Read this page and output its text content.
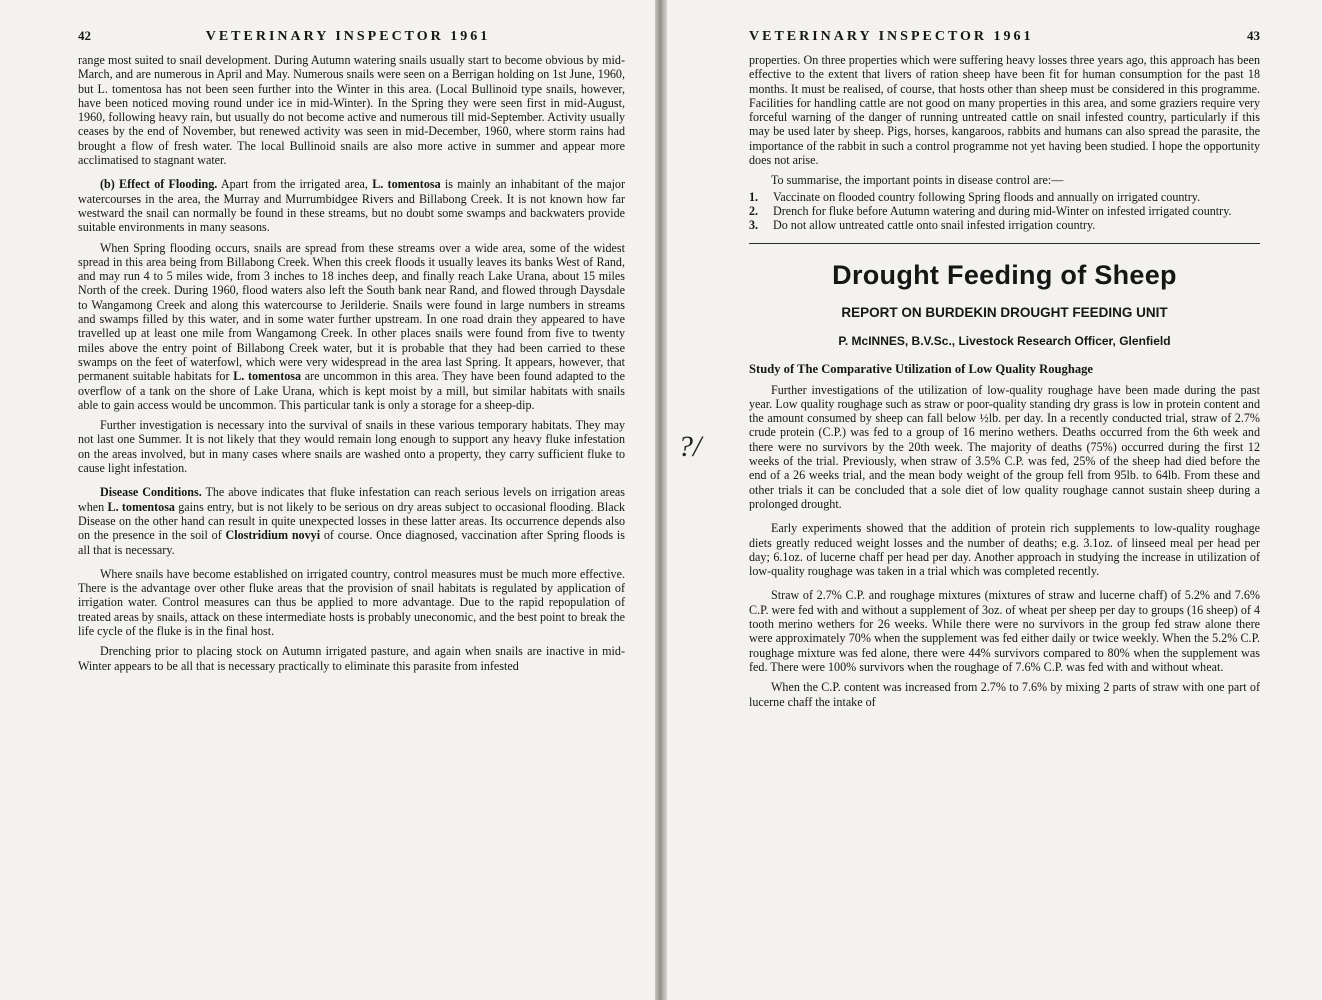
42	VETERINARY INSPECTOR 1961

range most suited to snail development. During Autumn watering snails usually start to become obvious by mid-March, and are numerous in April and May. Numerous snails were seen on a Berrigan holding on 1st June, 1960, but L. tomentosa has not been seen further into the Winter in this area. (Local Bullinoid type snails, however, have been noticed moving round under ice in mid-Winter). In the Spring they were seen first in mid-August, 1960, following heavy rain, but usually do not become active and numerous till mid-September. Activity usually ceases by the end of November, but renewed activity was seen in mid-December, 1960, where storm rains had brought a flow of fresh water. The local Bullinoid snails are also more active in summer and appear more acclimatised to stagnant water.

(b) Effect of Flooding. Apart from the irrigated area, L. tomentosa is mainly an inhabitant of the major watercourses in the area, the Murray and Murrumbidgee Rivers and Billabong Creek. It is not known how far westward the snail can normally be found in these streams, but no doubt some swamps and backwaters provide suitable environments in many seasons.

When Spring flooding occurs, snails are spread from these streams over a wide area, some of the widest spread in this area being from Billabong Creek. When this creek floods it usually leaves its banks West of Rand, and may run 4 to 5 miles wide, from 3 inches to 18 inches deep, and finally reach Lake Urana, about 15 miles North of the creek. During 1960, flood waters also left the South bank near Rand, and flowed through Daysdale to Wangamong Creek and along this watercourse to Jerilderie. Snails were found in large numbers in streams and swamps filled by this water, and in some water further upstream. In one road drain they appeared to have travelled up at least one mile from Wangamong Creek. In other places snails were found from five to twenty miles above the entry point of Billabong Creek water, but it is probable that they had been carried to these swamps on the feet of waterfowl, which were very widespread in the area last Spring. It appears, however, that permanent suitable habitats for L. tomentosa are uncommon in this area. They have been found adapted to the overflow of a tank on the shore of Lake Urana, which is kept moist by a mill, but similar habitats with snails able to gain access would be uncommon. This particular tank is only a storage for a sheep-dip.

Further investigation is necessary into the survival of snails in these various temporary habitats. They may not last one Summer. It is not likely that they would remain long enough to support any heavy fluke infestation on the areas involved, but in many cases where snails are washed onto a property, they carry sufficient fluke to cause light infestation.

Disease Conditions. The above indicates that fluke infestation can reach serious levels on irrigation areas when L. tomentosa gains entry, but is not likely to be serious on dry areas subject to occasional flooding. Black Disease on the other hand can result in quite unexpected losses in these latter areas. Its occurrence depends also on the presence in the soil of Clostridium novyi of course. Once diagnosed, vaccination after Spring floods is all that is necessary.

Where snails have become established on irrigated country, control measures must be much more effective. There is the advantage over other fluke areas that the provision of snail habitats is regulated by application of irrigation water. Control measures can thus be applied to more advantage. Due to the rapid repopulation of treated areas by snails, attack on these intermediate hosts is probably uneconomic, and the best point to break the life cycle of the fluke is in the final host.

Drenching prior to placing stock on Autumn irrigated pasture, and again when snails are inactive in mid-Winter appears to be all that is necessary practically to eliminate this parasite from infested

VETERINARY INSPECTOR 1961	43

properties. On three properties which were suffering heavy losses three years ago, this approach has been effective to the extent that livers of ration sheep have been fit for human consumption for the past 18 months. It must be realised, of course, that hosts other than sheep must be considered in this programme. Facilities for handling cattle are not good on many properties in this area, and some graziers require very forceful warning of the danger of running untreated cattle on snail infested country, particularly if this may be used later by sheep. Pigs, horses, kangaroos, rabbits and humans can also spread the parasite, the importance of the rabbit in such a control programme not yet having been studied. I hope the opportunity does not arise.

To summarise, the important points in disease control are:—

1.	Vaccinate on flooded country following Spring floods and annually on irrigated country.
2.	Drench for fluke before Autumn watering and during mid-Winter on infested irrigated country.
3.	Do not allow untreated cattle onto snail infested irrigation country.
Drought Feeding of Sheep
REPORT ON BURDEKIN DROUGHT FEEDING UNIT
P. McINNES, B.V.Sc., Livestock Research Officer, Glenfield
Study of The Comparative Utilization of Low Quality Roughage

Further investigations of the utilization of low-quality roughage have been made during the past year. Low quality roughage such as straw or poor-quality standing dry grass is low in protein content and the amount consumed by sheep can fall below ½lb. per day. In a recently conducted trial, straw of 2.7% crude protein (C.P.) was fed to a group of 16 merino wethers. Deaths occurred from the 6th week and there were no survivors by the 20th week. The majority of deaths (75%) occurred during the first 12 weeks of the trial. Previously, when straw of 3.5% C.P. was fed, 25% of the sheep had died before the end of a 26 weeks trial, and the mean body weight of the group fell from 95lb. to 64lb. From these and other trials it can be concluded that a sole diet of low quality roughage cannot sustain sheep during a prolonged drought.

Early experiments showed that the addition of protein rich supplements to low-quality roughage diets greatly reduced weight losses and the number of deaths; e.g. 3.1oz. of linseed meal per head per day; 6.1oz. of lucerne chaff per head per day. Another approach in studying the increase in utilization of low-quality roughage was taken in a trial which was completed recently.

Straw of 2.7% C.P. and roughage mixtures (mixtures of straw and lucerne chaff) of 5.2% and 7.6% C.P. were fed with and without a supplement of 3oz. of wheat per sheep per day to groups (16 sheep) of 4 tooth merino wethers for 26 weeks. While there were no survivors in the group fed straw alone there were approximately 70% when the supplement was fed either daily or twice weekly. When the 5.2% C.P. roughage mixture was fed alone, there were 44% survivors compared to 80% when the supplement was fed. There were 100% survivors when the roughage of 7.6% C.P. was fed with and without wheat.

When the C.P. content was increased from 2.7% to 7.6% by mixing 2 parts of straw with one part of lucerne chaff the intake of

?/
